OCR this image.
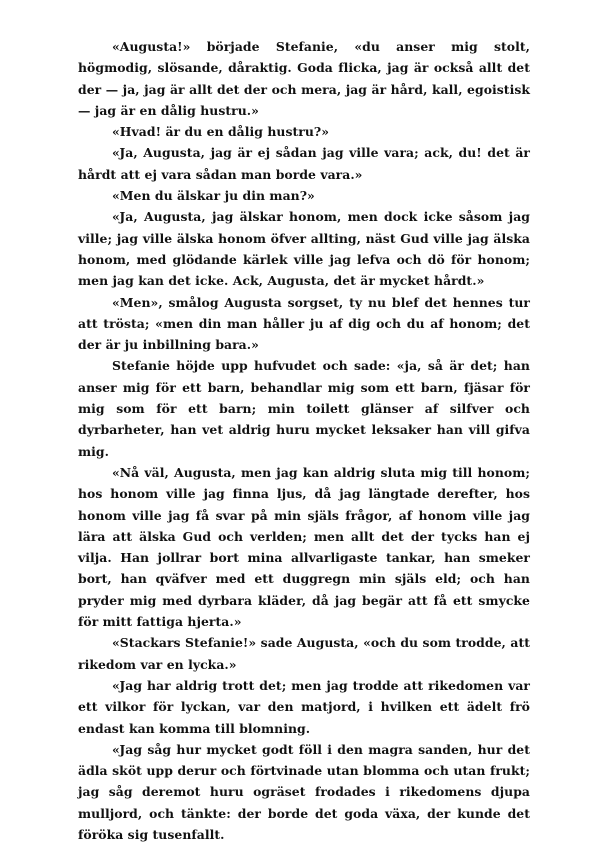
«Augusta!» började Stefanie, «du anser mig stolt, högmodig, slösande, dåraktig. Goda flicka, jag är också allt det der — ja, jag är allt det der och mera, jag är hård, kall, egoistisk — jag är en dålig hustru.»

«Hvad! är du en dålig hustru?»

«Ja, Augusta, jag är ej sådan jag ville vara; ack, du! det är hårdt att ej vara sådan man borde vara.»

«Men du älskar ju din man?»

«Ja, Augusta, jag älskar honom, men dock icke såsom jag ville; jag ville älska honom öfver allting, näst Gud ville jag älska honom, med glödande kärlek ville jag lefva och dö för honom; men jag kan det icke. Ack, Augusta, det är mycket hårdt.»

«Men», smålog Augusta sorgset, ty nu blef det hennes tur att trösta; «men din man håller ju af dig och du af honom; det der är ju inbillning bara.»

Stefanie höjde upp hufvudet och sade: «ja, så är det; han anser mig för ett barn, behandlar mig som ett barn, fjäsar för mig som för ett barn; min toilett glänser af silfver och dyrbarheter, han vet aldrig huru mycket leksaker han vill gifva mig.

«Nå väl, Augusta, men jag kan aldrig sluta mig till honom; hos honom ville jag finna ljus, då jag längtade derefter, hos honom ville jag få svar på min själs frågor, af honom ville jag lära att älska Gud och verlden; men allt det der tycks han ej vilja. Han jollrar bort mina allvarligaste tankar, han smeker bort, han qväfver med ett duggregn min själs eld; och han pryder mig med dyrbara kläder, då jag begär att få ett smycke för mitt fattiga hjerta.»

«Stackars Stefanie!» sade Augusta, «och du som trodde, att rikedom var en lycka.»

«Jag har aldrig trott det; men jag trodde att rikedomen var ett vilkor för lyckan, var den matjord, i hvilken ett ädelt frö endast kan komma till blomning.

«Jag såg hur mycket godt föll i den magra sanden, hur det ädla sköt upp derur och förtvinade utan blomma och utan frukt; jag såg deremot huru ogräset frodades i rikedomens djupa mulljord, och tänkte: der borde det goda växa, der kunde det föröka sig tusenfallt.
